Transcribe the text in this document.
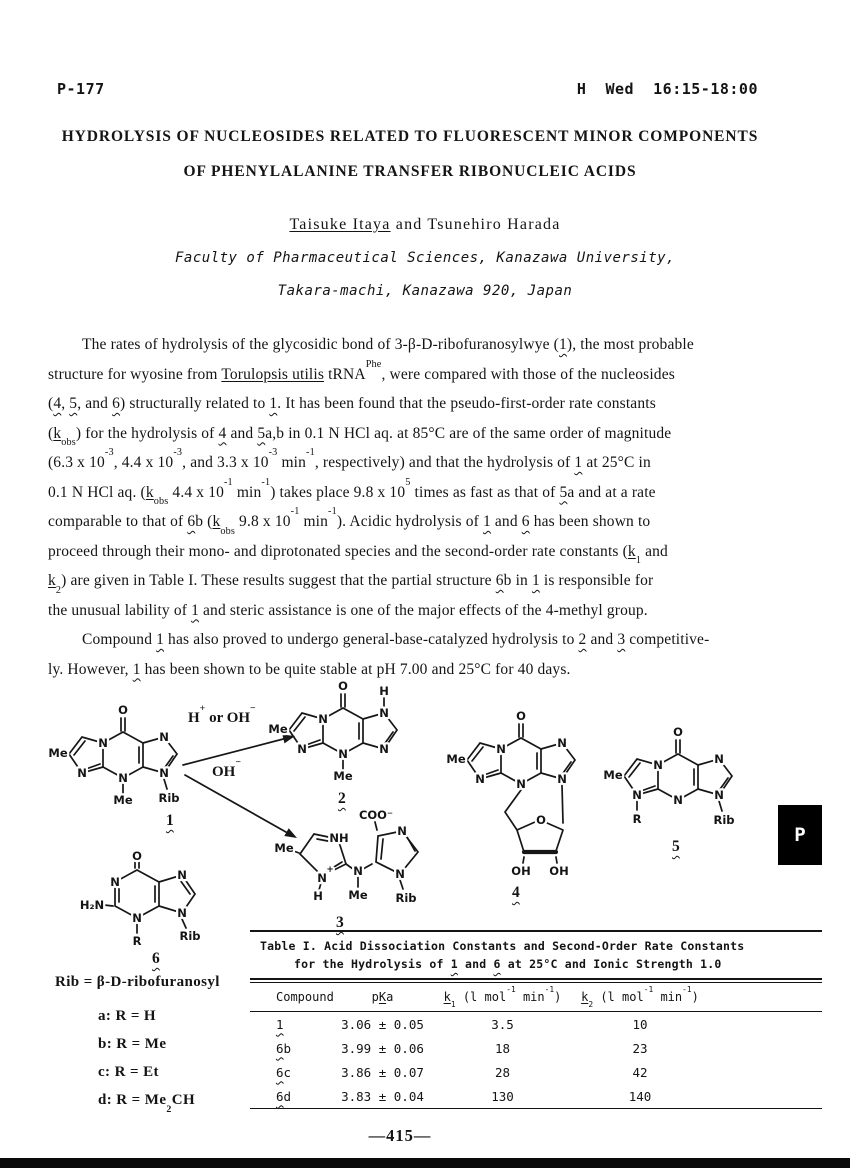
P-177	H  Wed  16:15-18:00
HYDROLYSIS OF NUCLEOSIDES RELATED TO FLUORESCENT MINOR COMPONENTS
OF PHENYLALANINE TRANSFER RIBONUCLEIC ACIDS
Taisuke Itaya and Tsunehiro Harada
Faculty of Pharmaceutical Sciences, Kanazawa University,
Takara-machi, Kanazawa 920, Japan
The rates of hydrolysis of the glycosidic bond of 3-β-D-ribofuranosylwye (1), the most probable
structure for wyosine from Torulopsis utilis tRNA$^{Phe}$, were compared with those of the nucleosides
(4, 5, and 6) structurally related to 1. It has been found that the pseudo-first-order rate constants
$(k_{obs})$ for the hydrolysis of 4 and 5a,b in 0.1 N HCl aq. at 85°C are of the same order of magnitude
(6.3 x $10^{-3}$, 4.4 x $10^{-3}$, and 3.3 x $10^{-3}$ $\min^{-1}$, respectively) and that the hydrolysis of 1 at 25°C in
0.1 N HCl aq. ($k_{obs}$ 4.4 x $10^{-1}$ $\min^{-1}$) takes place 9.8 x $10^5$ times as fast as that of 5a and at a rate
comparable to that of 6b ($k_{obs}$ 9.8 x $10^{-1}$ $\min^{-1}$). Acidic hydrolysis of 1 and 6 has been shown to
proceed through their mono- and diprotonated species and the second-order rate constants ($k_1$ and
$k_2$) are given in Table I. These results suggest that the partial structure 6b in 1 is responsible for
the unusual lability of 1 and steric assistance is one of the major effects of the 4-methyl group.
Compound 1 has also proved to undergo general-base-catalyzed hydrolysis to 2 and 3 competitive-
ly. However, 1 has been shown to be quite stable at pH 7.00 and 25°C for 40 days.
O
Me
N
N	N
N
N
Me Rib
1
H+ or OH−
OH−
O
Me
N
N	N
N
H
N
Me
2
Me
NH
N
+
H
N
Me
COO⁻
N
N
Rib
3
O
Me
N
N	N
N
N
O
OH OH
4
O
Me
N
N	N
N
N
R	Rib
5
O
H₂N
N
N
R
N
N
Rib
6
Rib = β-D-ribofuranosyl
a: R = H
b: R = Me
c: R = Et
d: $R = Me_2CH$
Table I. Acid Dissociation Constants and Second-Order Rate Constants
for the Hydrolysis of 1 and 6 at 25°C and Ionic Strength 1.0
Compound	pKa	$k_1$ (l mol$^{-1}$ $\min^{-1}$)	$k_2$ (l mol$^{-1}$ $\min^{-1}$)
1	3.06 ± 0.05	3.5	10
6b	3.99 ± 0.06	18	23
6c	3.86 ± 0.07	28	42
6d	3.83 ± 0.04	130	140
P
—415—
